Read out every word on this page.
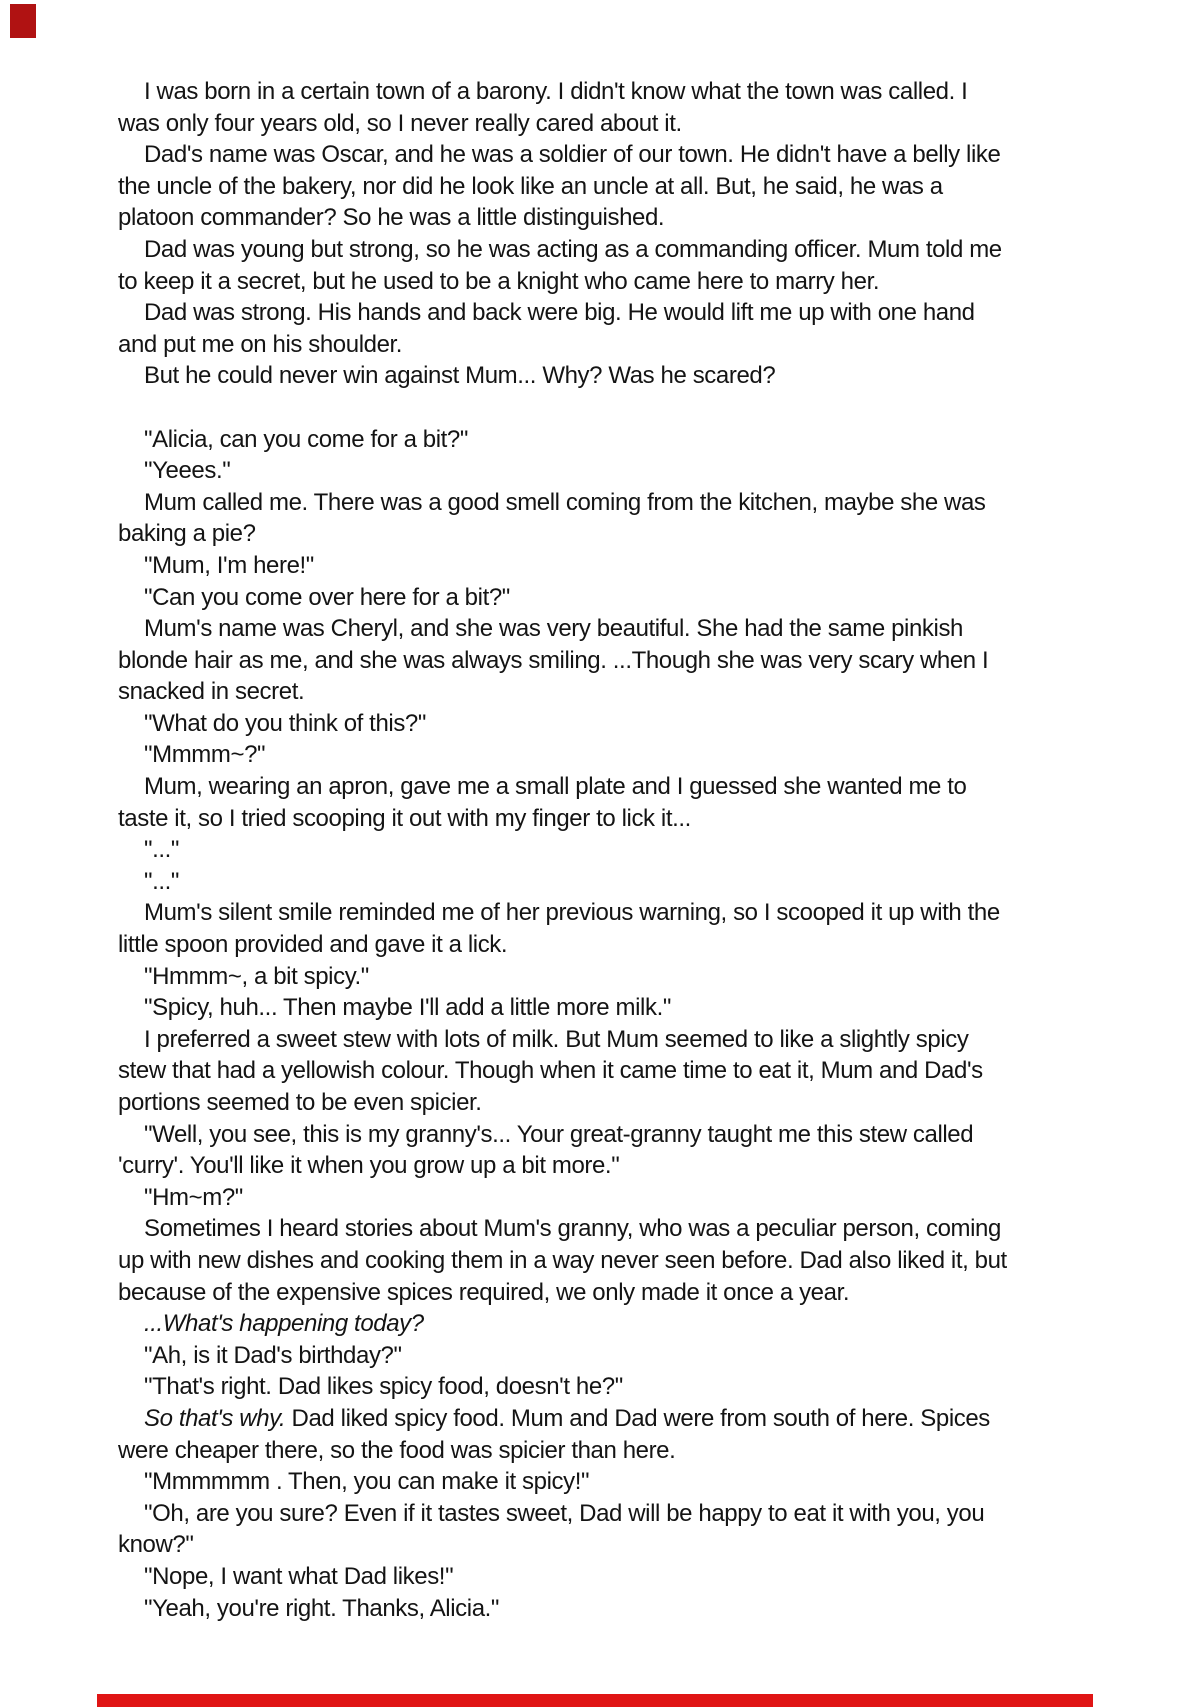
I was born in a certain town of a barony. I didn't know what the town was called. I
was only four years old, so I never really cared about it.
Dad's name was Oscar, and he was a soldier of our town. He didn't have a belly like
the uncle of the bakery, nor did he look like an uncle at all. But, he said, he was a
platoon commander? So he was a little distinguished.
Dad was young but strong, so he was acting as a commanding officer. Mum told me
to keep it a secret, but he used to be a knight who came here to marry her.
Dad was strong. His hands and back were big. He would lift me up with one hand
and put me on his shoulder.
But he could never win against Mum... Why? Was he scared?
"Alicia, can you come for a bit?"
"Yeees."
Mum called me. There was a good smell coming from the kitchen, maybe she was
baking a pie?
"Mum, I'm here!"
"Can you come over here for a bit?"
Mum's name was Cheryl, and she was very beautiful. She had the same pinkish
blonde hair as me, and she was always smiling. ...Though she was very scary when I
snacked in secret.
"What do you think of this?"
"Mmmm~?"
Mum, wearing an apron, gave me a small plate and I guessed she wanted me to
taste it, so I tried scooping it out with my finger to lick it...
"..."
"..."
Mum's silent smile reminded me of her previous warning, so I scooped it up with the
little spoon provided and gave it a lick.
"Hmmm~, a bit spicy."
"Spicy, huh... Then maybe I'll add a little more milk."
I preferred a sweet stew with lots of milk. But Mum seemed to like a slightly spicy
stew that had a yellowish colour. Though when it came time to eat it, Mum and Dad's
portions seemed to be even spicier.
"Well, you see, this is my granny's... Your great-granny taught me this stew called
'curry'. You'll like it when you grow up a bit more."
"Hm~m?"
Sometimes I heard stories about Mum's granny, who was a peculiar person, coming
up with new dishes and cooking them in a way never seen before. Dad also liked it, but
because of the expensive spices required, we only made it once a year.
...What's happening today?
"Ah, is it Dad's birthday?"
"That's right. Dad likes spicy food, doesn't he?"
So that's why. Dad liked spicy food. Mum and Dad were from south of here. Spices
were cheaper there, so the food was spicier than here.
"Mmmmmm . Then, you can make it spicy!"
"Oh, are you sure? Even if it tastes sweet, Dad will be happy to eat it with you, you
know?"
"Nope, I want what Dad likes!"
"Yeah, you're right. Thanks, Alicia."
